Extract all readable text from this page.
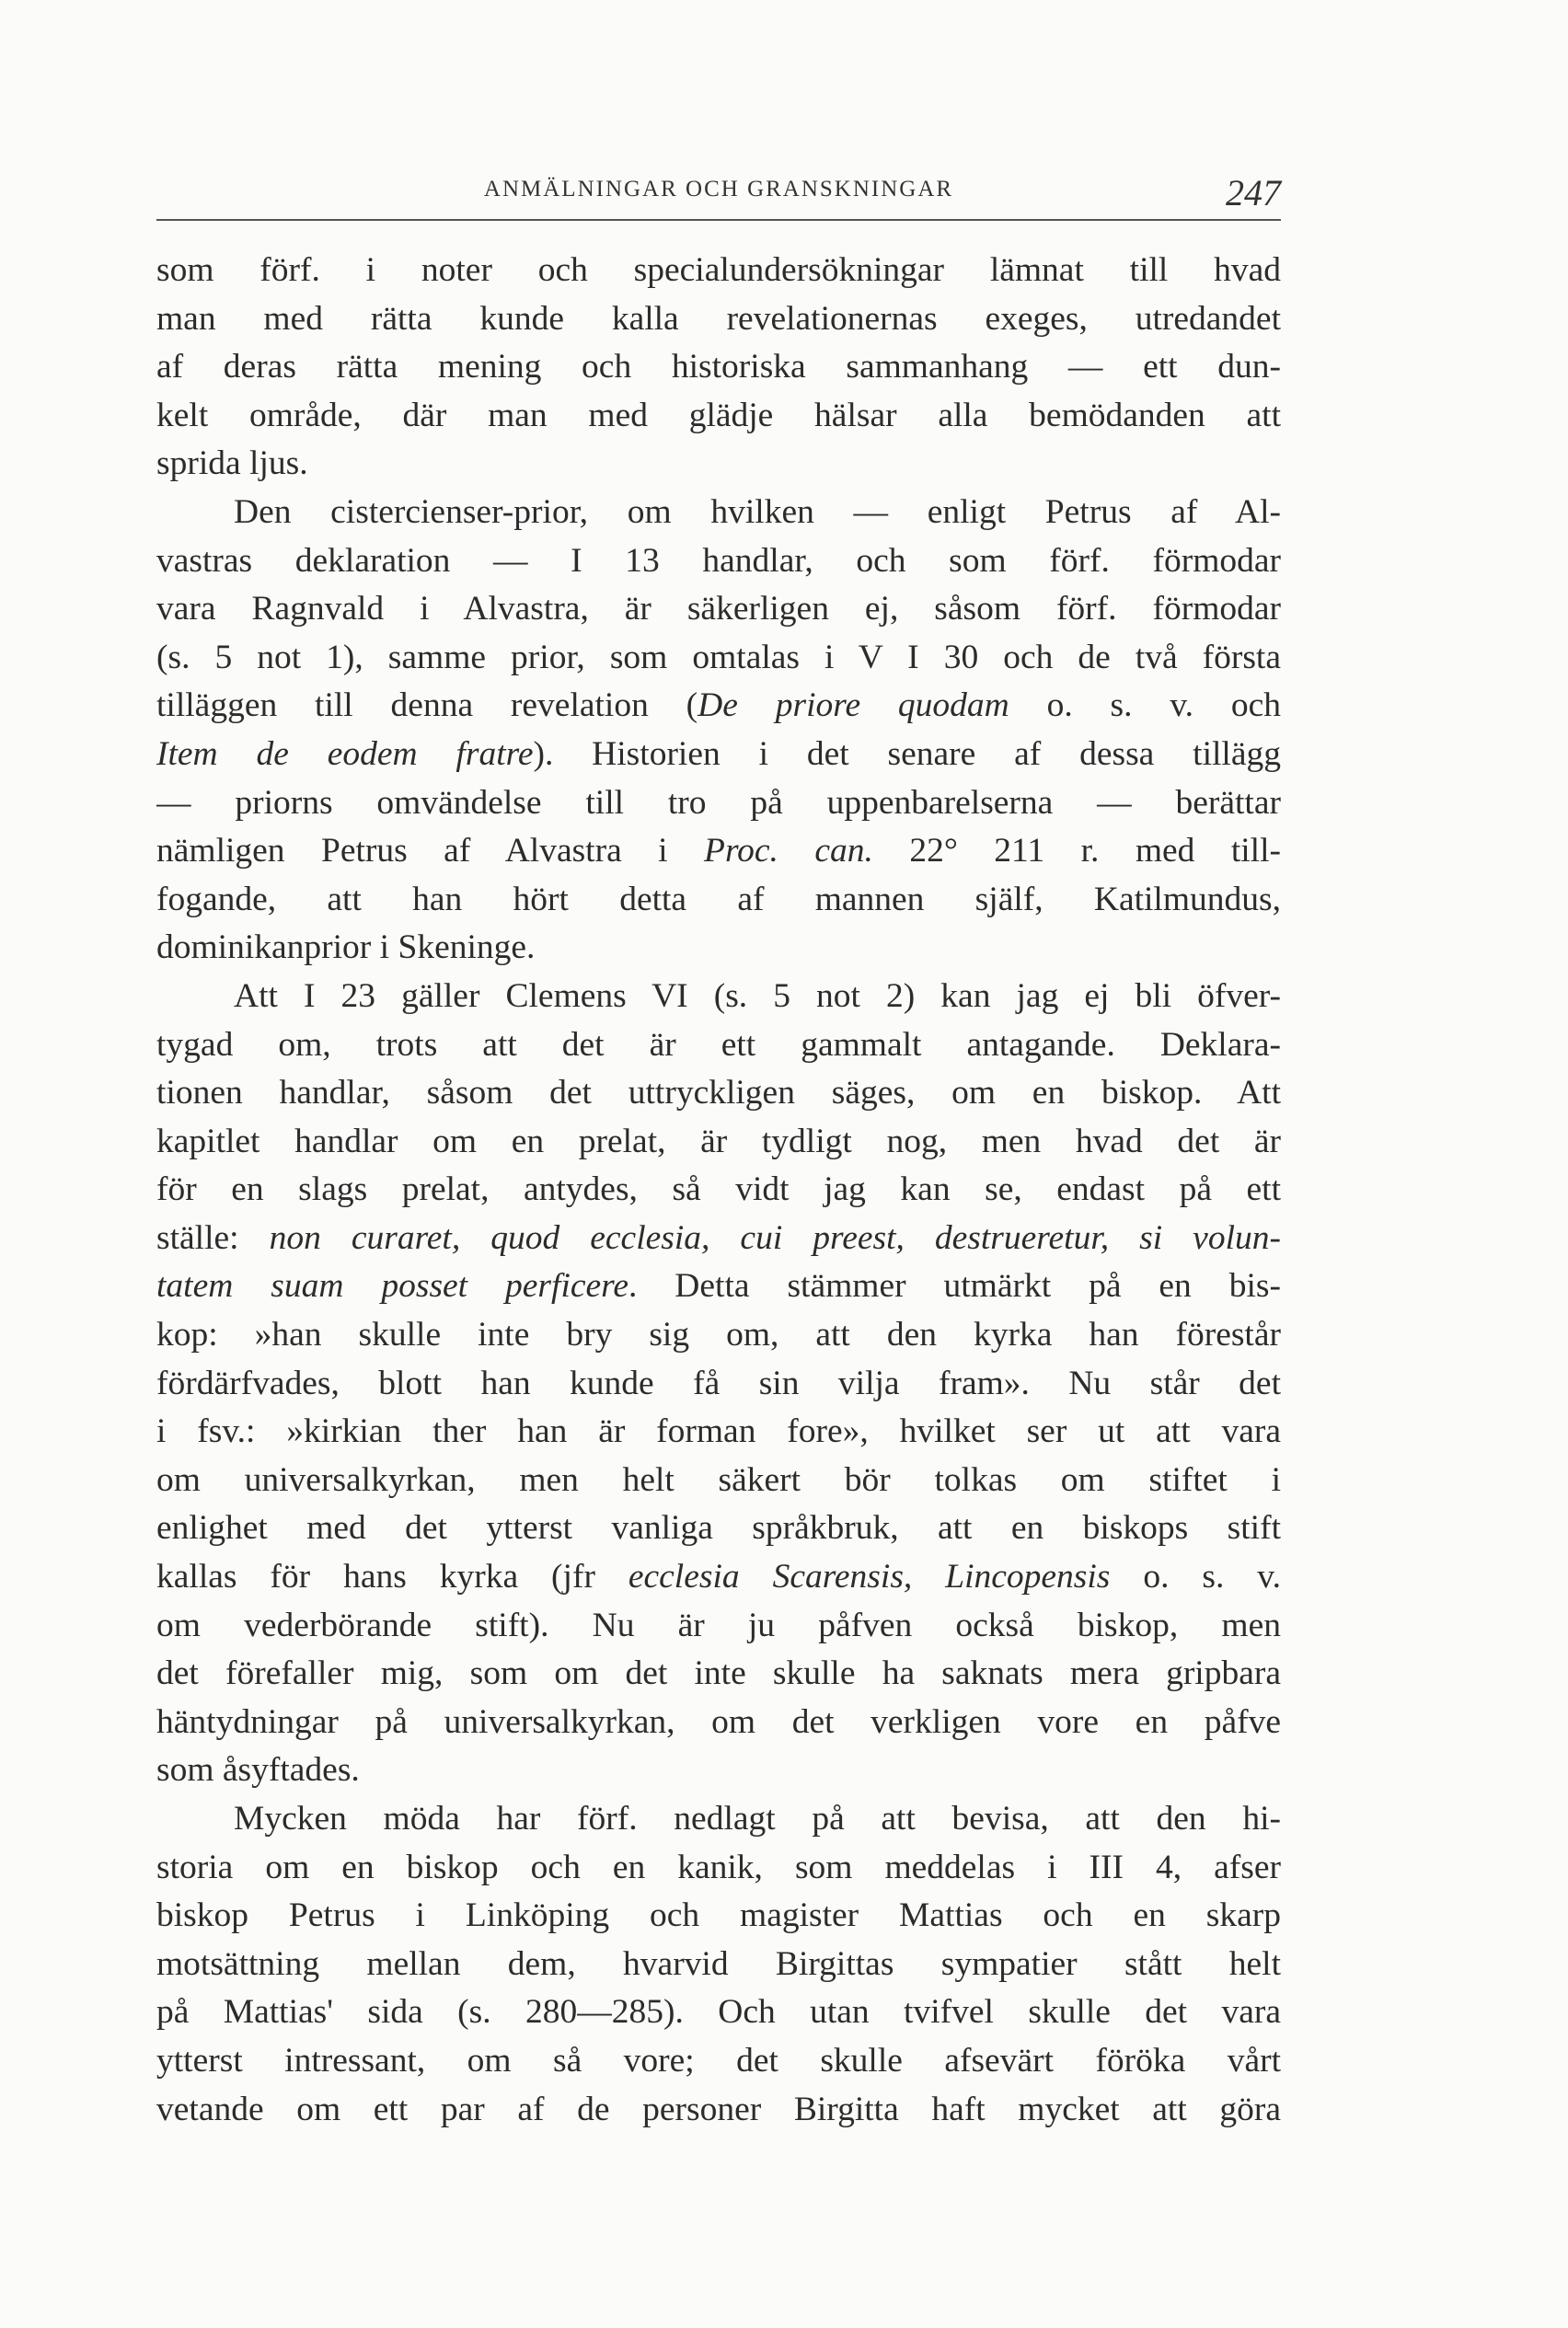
ANMÄLNINGAR OCH GRANSKNINGAR	247
som förf. i noter och specialundersökningar lämnat till hvad
man med rätta kunde kalla revelationernas exeges, utredandet
af deras rätta mening och historiska sammanhang — ett dun-
kelt område, där man med glädje hälsar alla bemödanden att
sprida ljus.
Den cistercienser-prior, om hvilken — enligt Petrus af Al-
vastras deklaration — I 13 handlar, och som förf. förmodar
vara Ragnvald i Alvastra, är säkerligen ej, såsom förf. förmodar
(s. 5 not 1), samme prior, som omtalas i V I 30 och de två första
tilläggen till denna revelation (De priore quodam o. s. v. och
Item de eodem fratre). Historien i det senare af dessa tillägg
— priorns omvändelse till tro på uppenbarelserna — berättar
nämligen Petrus af Alvastra i Proc. can. 22° 211 r. med till-
fogande, att han hört detta af mannen själf, Katilmundus,
dominikanprior i Skeninge.
Att I 23 gäller Clemens VI (s. 5 not 2) kan jag ej bli öfver-
tygad om, trots att det är ett gammalt antagande. Deklara-
tionen handlar, såsom det uttryckligen säges, om en biskop. Att
kapitlet handlar om en prelat, är tydligt nog, men hvad det är
för en slags prelat, antydes, så vidt jag kan se, endast på ett
ställe: non curaret, quod ecclesia, cui preest, destrueretur, si volun-
tatem suam posset perficere. Detta stämmer utmärkt på en bis-
kop: »han skulle inte bry sig om, att den kyrka han förestår
fördärfvades, blott han kunde få sin vilja fram». Nu står det
i fsv.: »kirkian ther han är forman fore», hvilket ser ut att vara
om universalkyrkan, men helt säkert bör tolkas om stiftet i
enlighet med det ytterst vanliga språkbruk, att en biskops stift
kallas för hans kyrka (jfr ecclesia Scarensis, Lincopensis o. s. v.
om vederbörande stift). Nu är ju påfven också biskop, men
det förefaller mig, som om det inte skulle ha saknats mera gripbara
häntydningar på universalkyrkan, om det verkligen vore en påfve
som åsyftades.
Mycken möda har förf. nedlagt på att bevisa, att den hi-
storia om en biskop och en kanik, som meddelas i III 4, afser
biskop Petrus i Linköping och magister Mattias och en skarp
motsättning mellan dem, hvarvid Birgittas sympatier stått helt
på Mattias' sida (s. 280—285). Och utan tvifvel skulle det vara
ytterst intressant, om så vore; det skulle afsevärt föröka vårt
vetande om ett par af de personer Birgitta haft mycket att göra
